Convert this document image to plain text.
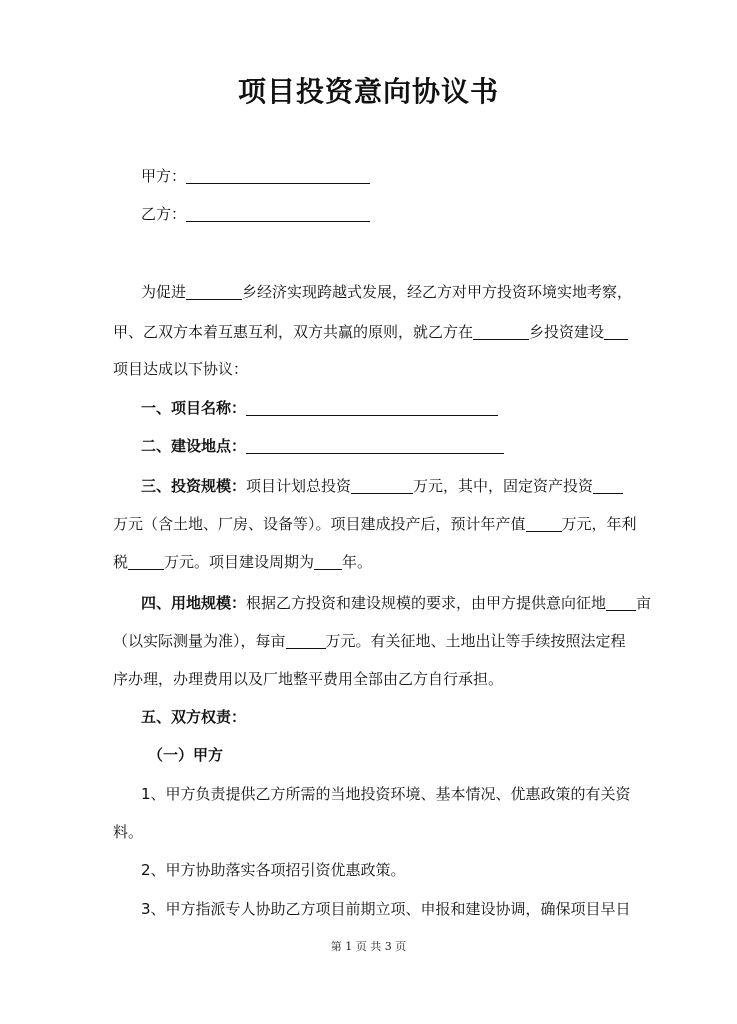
项目投资意向协议书
甲方：
乙方：
为促进	乡经济实现跨越式发展，经乙方对甲方投资环境实地考察，
甲、乙双方本着互惠互利，双方共赢的原则，就乙方在	乡投资建设
项目达成以下协议：
一、项目名称：
二、建设地点：
三、投资规模：项目计划总投资	万元，其中，固定资产投资
万元（含土地、厂房、设备等）。项目建成投产后，预计年产值 万元，年利
税 万元。项目建设周期为 年。
四、用地规模：根据乙方投资和建设规模的要求，由甲方提供意向征地 亩
（以实际测量为准），每亩	万元。有关征地、土地出让等手续按照法定程
序办理，办理费用以及厂地整平费用全部由乙方自行承担。
五、双方权责：
（一）甲方
1、甲方负责提供乙方所需的当地投资环境、基本情况、优惠政策的有关资
料。
2、甲方协助落实各项招引资优惠政策。
3、甲方指派专人协助乙方项目前期立项、申报和建设协调，确保项目早日
第 1 页 共 3 页
